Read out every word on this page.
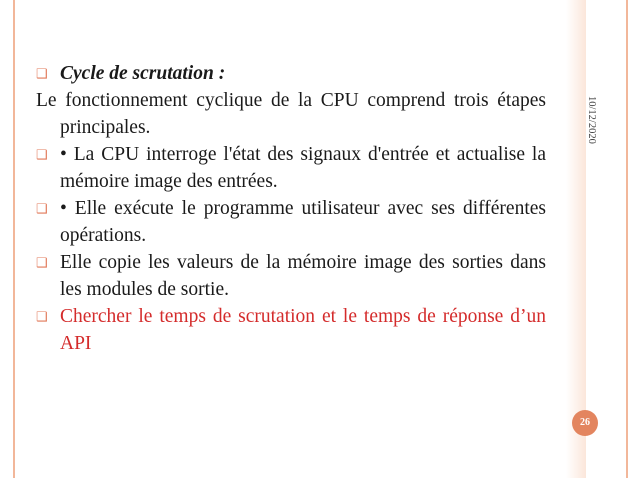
❑ Cycle de scrutation :

Le fonctionnement cyclique de la CPU comprend trois étapes principales.

❑ • La CPU interroge l'état des signaux d'entrée et actualise la mémoire image des entrées.

❑ • Elle exécute le programme utilisateur avec ses différentes opérations.

❑ Elle copie les valeurs de la mémoire image des sorties dans les modules de sortie.

❑ Chercher le temps de scrutation et le temps de réponse d’un API

10/12/2020
26
